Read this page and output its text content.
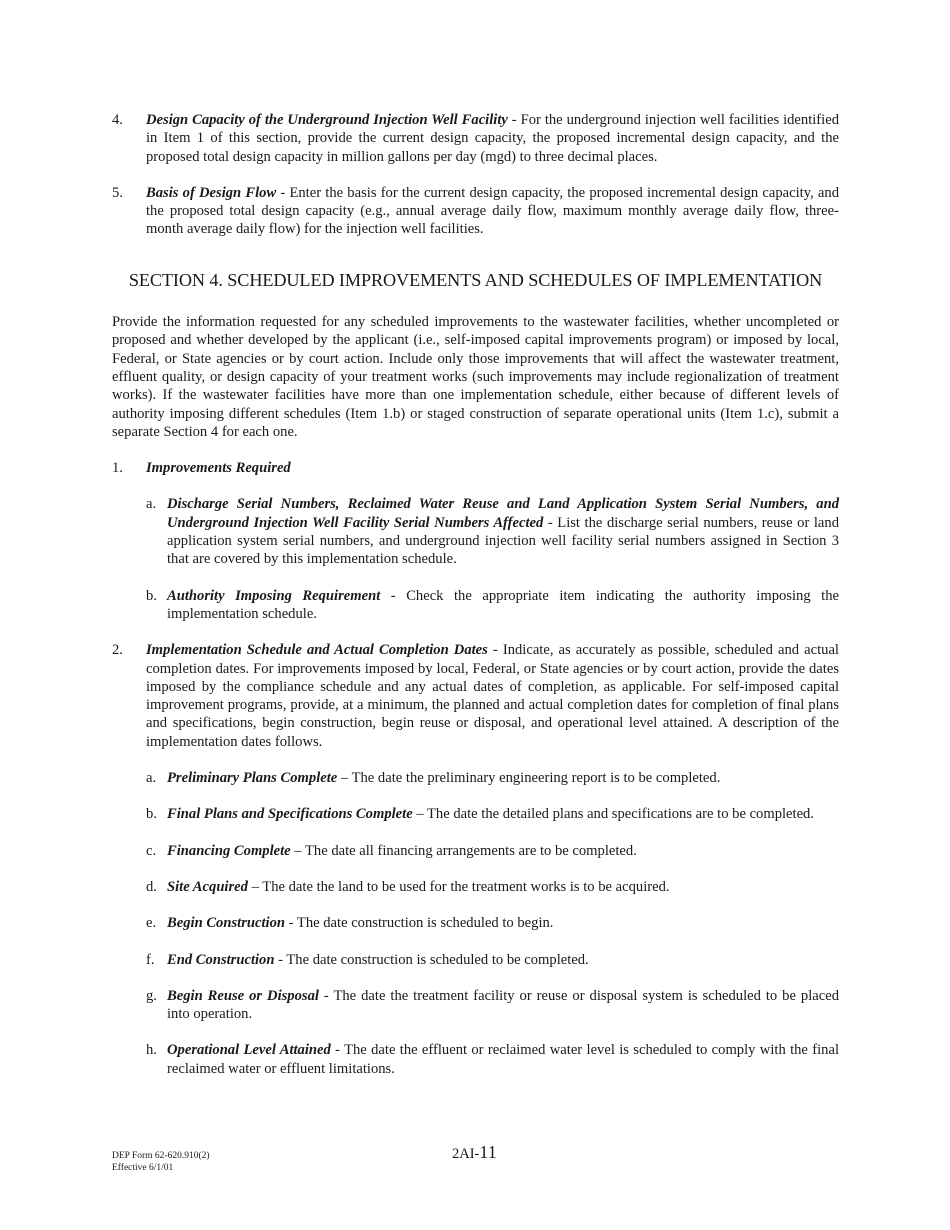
4. Design Capacity of the Underground Injection Well Facility - For the underground injection well facilities identified in Item 1 of this section, provide the current design capacity, the proposed incremental design capacity, and the proposed total design capacity in million gallons per day (mgd) to three decimal places.
5. Basis of Design Flow - Enter the basis for the current design capacity, the proposed incremental design capacity, and the proposed total design capacity (e.g., annual average daily flow, maximum monthly average daily flow, three-month average daily flow) for the injection well facilities.
SECTION 4. SCHEDULED IMPROVEMENTS AND SCHEDULES OF IMPLEMENTATION
Provide the information requested for any scheduled improvements to the wastewater facilities, whether uncompleted or proposed and whether developed by the applicant (i.e., self-imposed capital improvements program) or imposed by local, Federal, or State agencies or by court action. Include only those improvements that will affect the wastewater treatment, effluent quality, or design capacity of your treatment works (such improvements may include regionalization of treatment works). If the wastewater facilities have more than one implementation schedule, either because of different levels of authority imposing different schedules (Item 1.b) or staged construction of separate operational units (Item 1.c), submit a separate Section 4 for each one.
1. Improvements Required
a. Discharge Serial Numbers, Reclaimed Water Reuse and Land Application System Serial Numbers, and Underground Injection Well Facility Serial Numbers Affected - List the discharge serial numbers, reuse or land application system serial numbers, and underground injection well facility serial numbers assigned in Section 3 that are covered by this implementation schedule.
b. Authority Imposing Requirement - Check the appropriate item indicating the authority imposing the implementation schedule.
2. Implementation Schedule and Actual Completion Dates - Indicate, as accurately as possible, scheduled and actual completion dates. For improvements imposed by local, Federal, or State agencies or by court action, provide the dates imposed by the compliance schedule and any actual dates of completion, as applicable. For self-imposed capital improvement programs, provide, at a minimum, the planned and actual completion dates for completion of final plans and specifications, begin construction, begin reuse or disposal, and operational level attained. A description of the implementation dates follows.
a. Preliminary Plans Complete – The date the preliminary engineering report is to be completed.
b. Final Plans and Specifications Complete – The date the detailed plans and specifications are to be completed.
c. Financing Complete – The date all financing arrangements are to be completed.
d. Site Acquired – The date the land to be used for the treatment works is to be acquired.
e. Begin Construction - The date construction is scheduled to begin.
f. End Construction - The date construction is scheduled to be completed.
g. Begin Reuse or Disposal - The date the treatment facility or reuse or disposal system is scheduled to be placed into operation.
h. Operational Level Attained - The date the effluent or reclaimed water level is scheduled to comply with the final reclaimed water or effluent limitations.
DEP Form 62-620.910(2)
Effective 6/1/01
2AI-11
